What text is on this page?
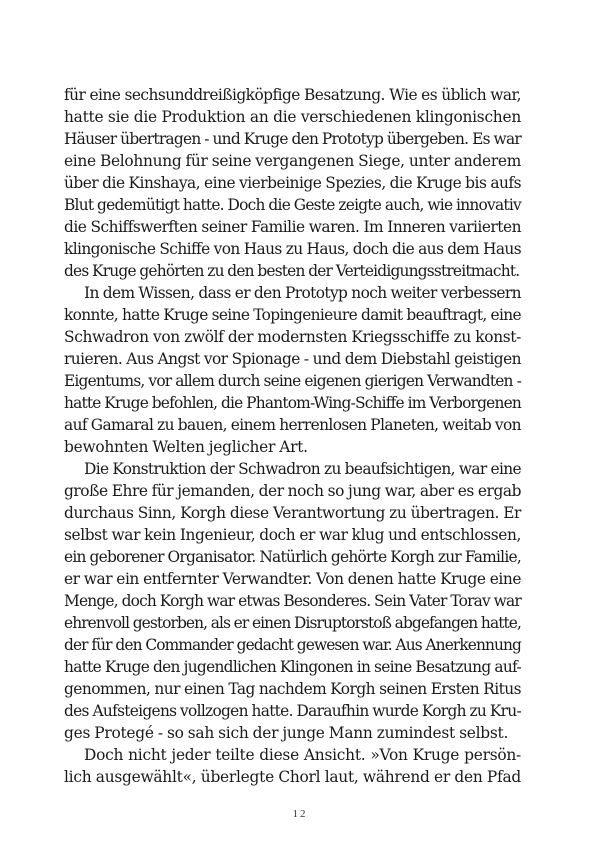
für eine sechsunddreißigköpfige Besatzung. Wie es üblich war,
hatte sie die Produktion an die verschiedenen klingonischen
Häuser übertragen - und Kruge den Prototyp übergeben. Es war
eine Belohnung für seine vergangenen Siege, unter anderem
über die Kinshaya, eine vierbeinige Spezies, die Kruge bis aufs
Blut gedemütigt hatte. Doch die Geste zeigte auch, wie innovativ
die Schiffswerften seiner Familie waren. Im Inneren variierten
klingonische Schiffe von Haus zu Haus, doch die aus dem Haus
des Kruge gehörten zu den besten der Verteidigungsstreitmacht.

In dem Wissen, dass er den Prototyp noch weiter verbessern
konnte, hatte Kruge seine Topingenieure damit beauftragt, eine
Schwadron von zwölf der modernsten Kriegsschiffe zu konst-
ruieren. Aus Angst vor Spionage - und dem Diebstahl geistigen
Eigentums, vor allem durch seine eigenen gierigen Verwandten -
hatte Kruge befohlen, die Phantom-Wing-Schiffe im Verborgenen
auf Gamaral zu bauen, einem herrenlosen Planeten, weitab von
bewohnten Welten jeglicher Art.

Die Konstruktion der Schwadron zu beaufsichtigen, war eine
große Ehre für jemanden, der noch so jung war, aber es ergab
durchaus Sinn, Korgh diese Verantwortung zu übertragen. Er
selbst war kein Ingenieur, doch er war klug und entschlossen,
ein geborener Organisator. Natürlich gehörte Korgh zur Familie,
er war ein entfernter Verwandter. Von denen hatte Kruge eine
Menge, doch Korgh war etwas Besonderes. Sein Vater Torav war
ehrenvoll gestorben, als er einen Disruptorstoß abgefangen hatte,
der für den Commander gedacht gewesen war. Aus Anerkennung
hatte Kruge den jugendlichen Klingonen in seine Besatzung auf-
genommen, nur einen Tag nachdem Korgh seinen Ersten Ritus
des Aufsteigens vollzogen hatte. Daraufhin wurde Korgh zu Kru-
ges Protegé - so sah sich der junge Mann zumindest selbst.

Doch nicht jeder teilte diese Ansicht. »Von Kruge persön-
lich ausgewählt«, überlegte Chorl laut, während er den Pfad

12
